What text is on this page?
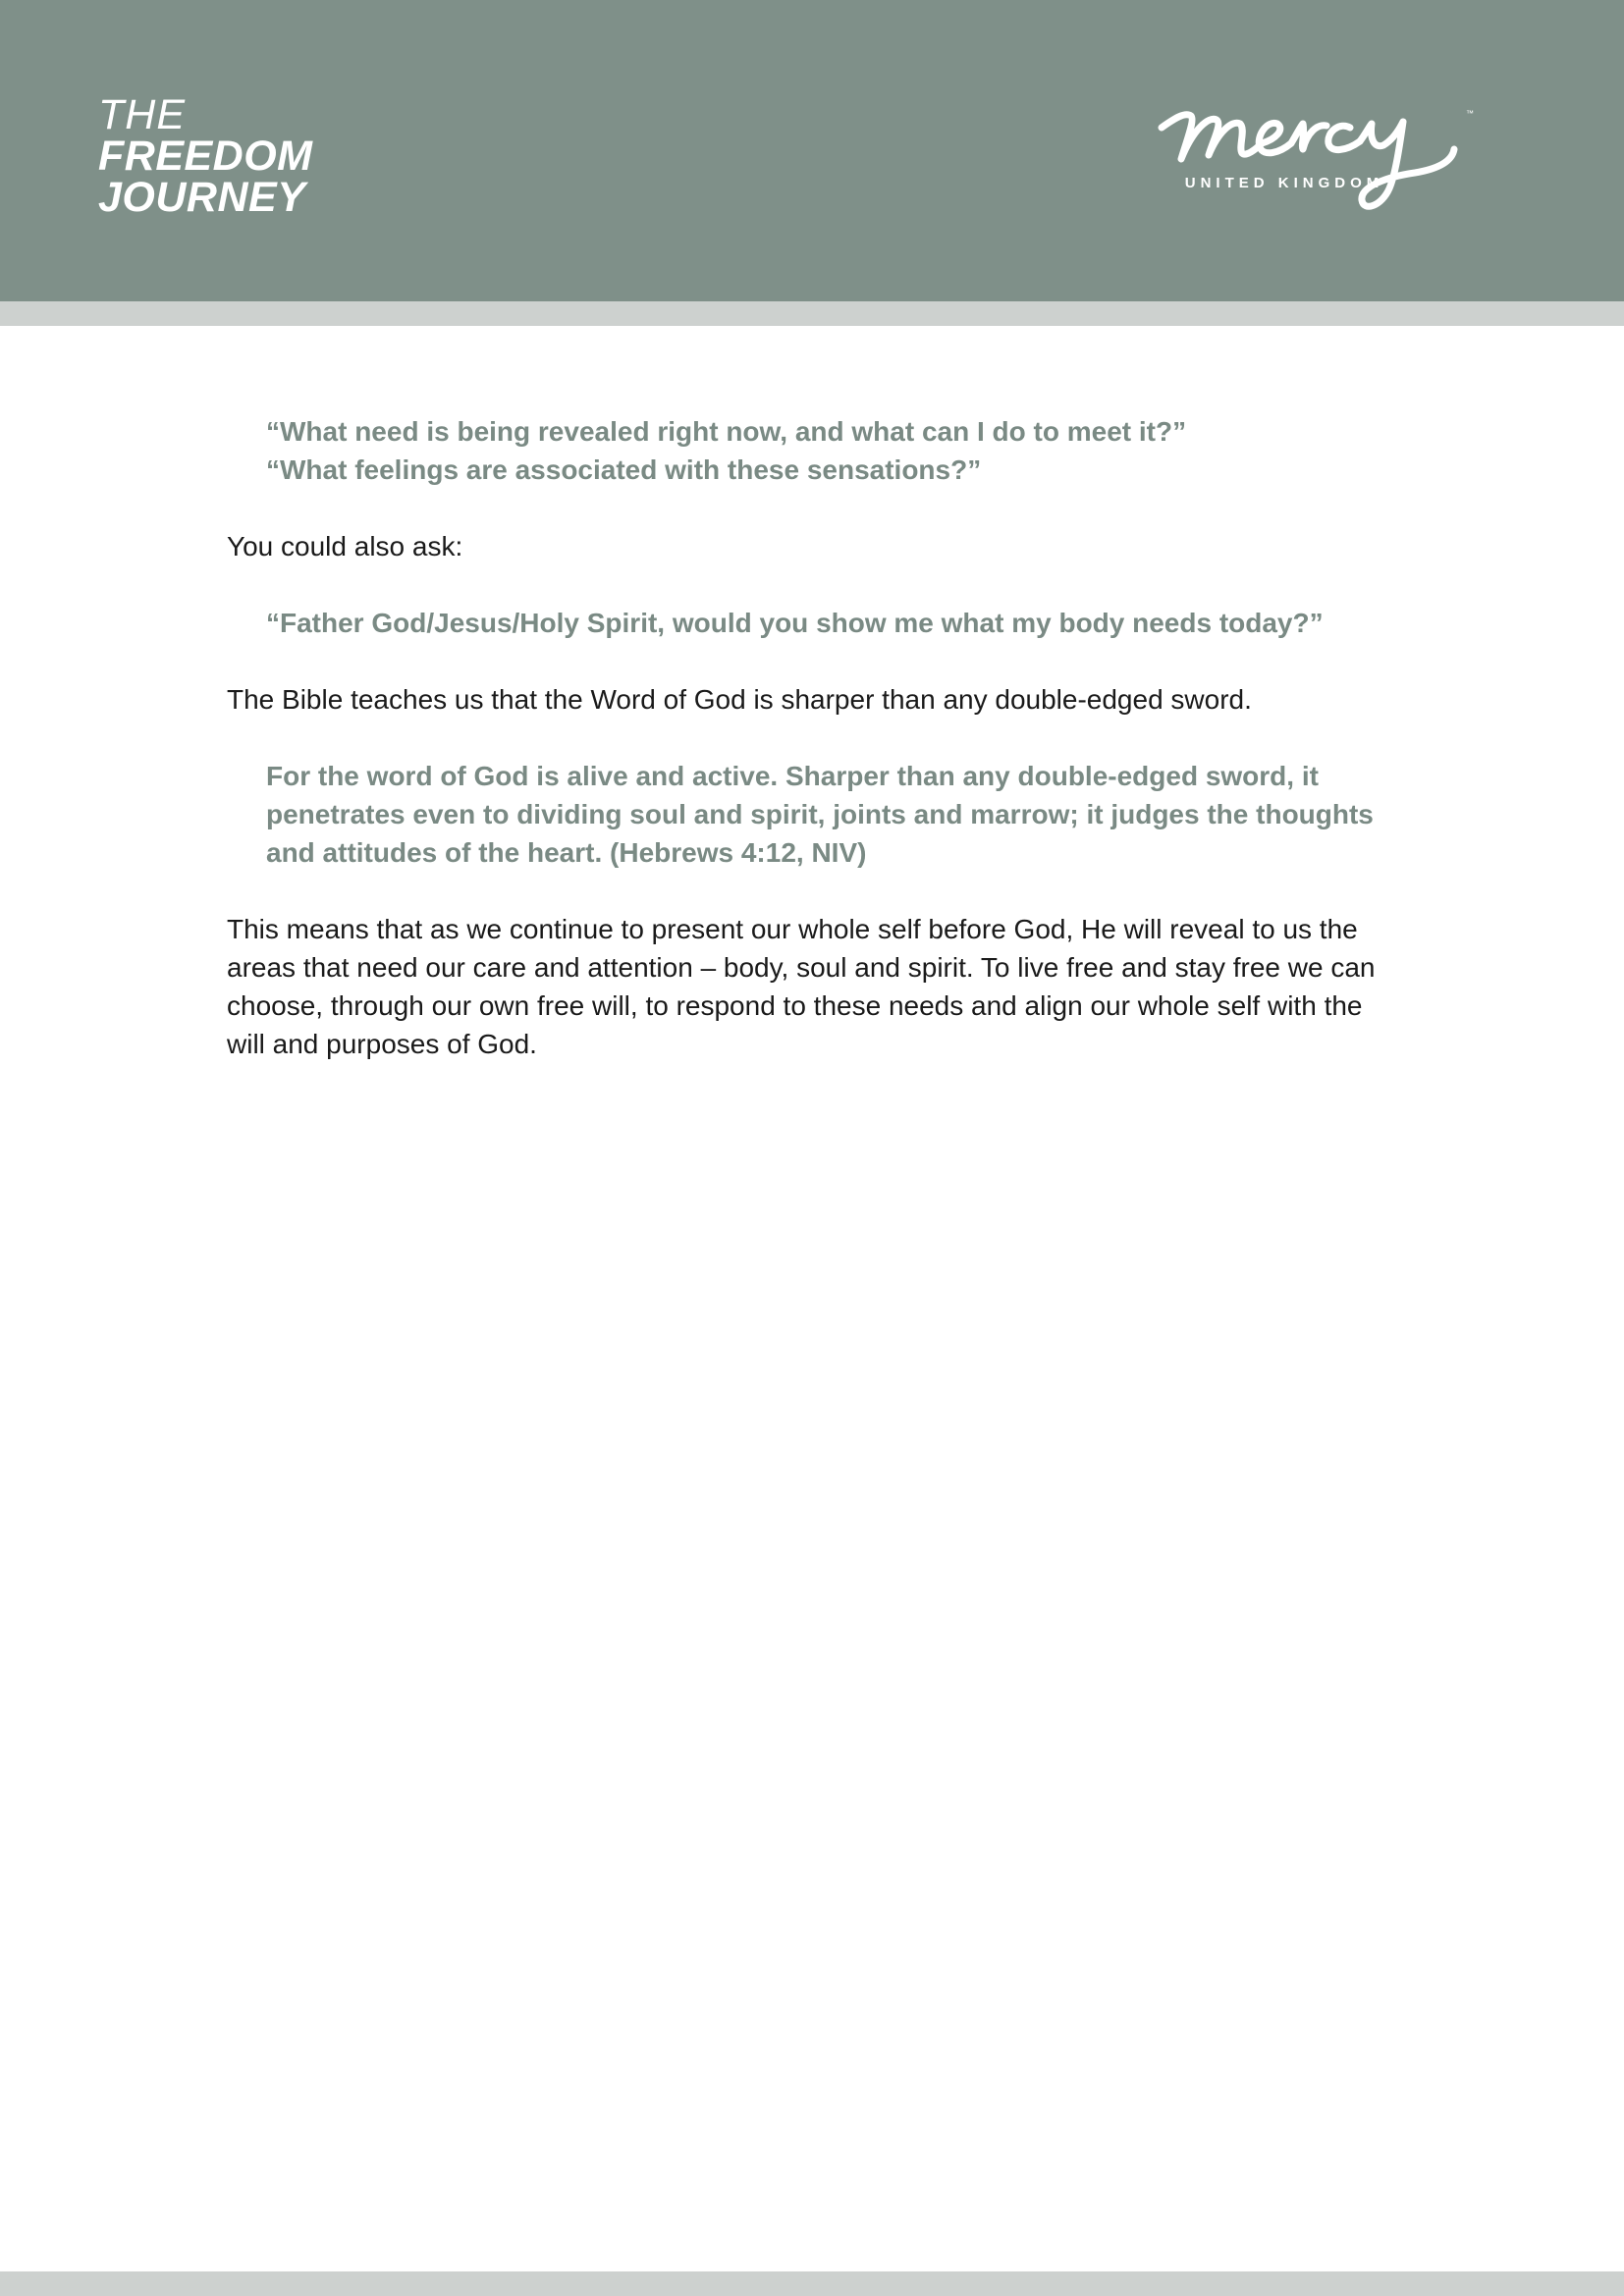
THE
FREEDOM
JOURNEY
™
UNITED KINGDOM
“What need is being revealed right now, and what can I do to meet it?”
“What feelings are associated with these sensations?”

You could also ask:

“Father God/Jesus/Holy Spirit, would you show me what my body needs today?”

The Bible teaches us that the Word of God is sharper than any double-edged sword.

For the word of God is alive and active. Sharper than any double-edged sword, it penetrates even to dividing soul and spirit, joints and marrow; it judges the thoughts and attitudes of the heart. (Hebrews 4:12, NIV)

This means that as we continue to present our whole self before God, He will reveal to us the areas that need our care and attention – body, soul and spirit. To live free and stay free we can choose, through our own free will, to respond to these needs and align our whole self with the will and purposes of God.
